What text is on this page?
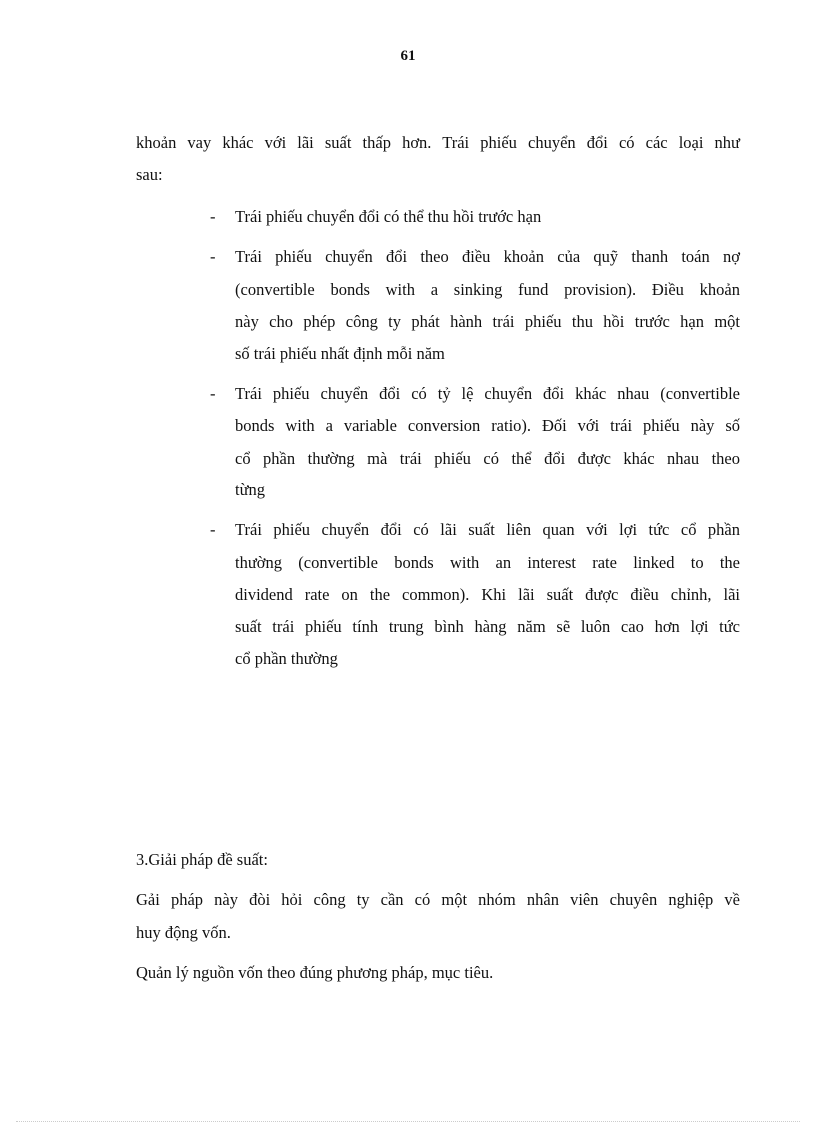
61
khoản vay khác với lãi suất thấp hơn. Trái phiếu chuyển đổi có các loại như
sau:
- Trái phiếu chuyển đổi có thể thu hồi trước hạn
- Trái phiếu chuyển đổi theo điều khoản của quỹ thanh toán nợ
(convertible bonds with a sinking fund provision). Điều khoản
này cho phép công ty phát hành trái phiếu thu hồi trước hạn một
số trái phiếu nhất định mỗi năm
- Trái phiếu chuyển đổi có tỷ lệ chuyển đổi khác nhau (convertible
bonds with a variable conversion ratio). Đối với trái phiếu này số
cổ phần thường mà trái phiếu có thể đổi được khác nhau theo
từng
- Trái phiếu chuyển đổi có lãi suất liên quan với lợi tức cổ phần
thường (convertible bonds with an interest rate linked to the
dividend rate on the common). Khi lãi suất được điều chỉnh, lãi
suất trái phiếu tính trung bình hàng năm sẽ luôn cao hơn lợi tức
cổ phần thường
3.Giải pháp đề suất:
Gải pháp này đòi hỏi công ty cần có một nhóm nhân viên chuyên nghiệp về
huy động vốn.
Quản lý nguồn vốn theo đúng phương pháp, mục tiêu.
